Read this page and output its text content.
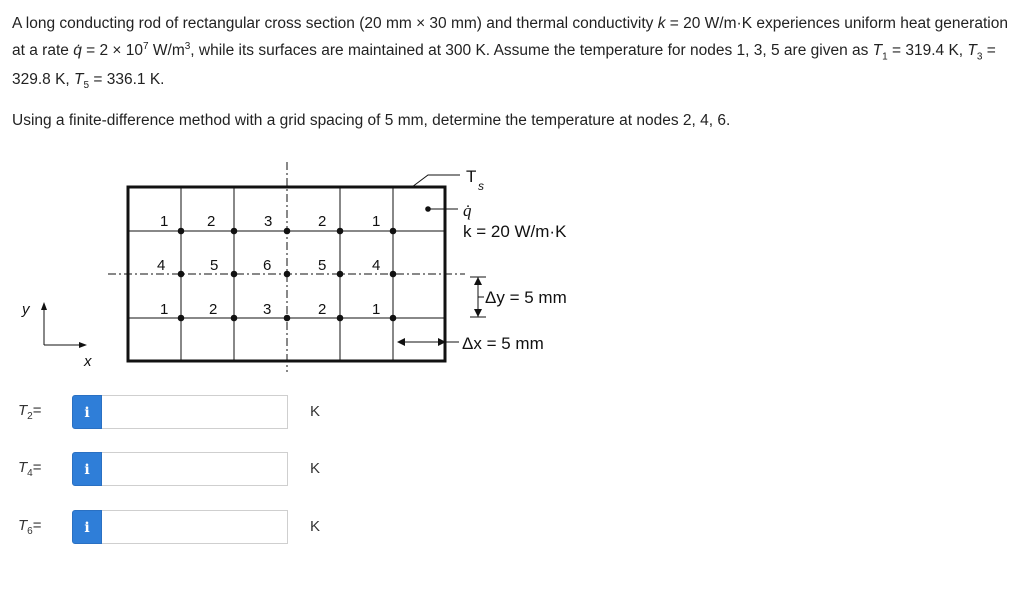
A long conducting rod of rectangular cross section (20 mm × 30 mm) and thermal conductivity k = 20 W/m·K experiences uniform heat generation at a rate q̇ = $2 \times 10^7$ $W/m^3$, while its surfaces are maintained at 300 K. Assume the temperature for nodes 1, 3, 5 are given as $T_1 = 319.4$ K, $T_3 = 329.8$ K, $T_5 = 336.1$ K.

Using a finite-difference method with a grid spacing of 5 mm, determine the temperature at nodes 2, 4, 6.
1	2	3	2	1
4	5	6	5	4
1	2	3	2	1
T s
q̇
k = 20 W/m·K
Δy = 5 mm
Δx = 5 mm
y
x
$T_2=$	i	K
$T_4=$	i	K
$T_6=$	i	K
